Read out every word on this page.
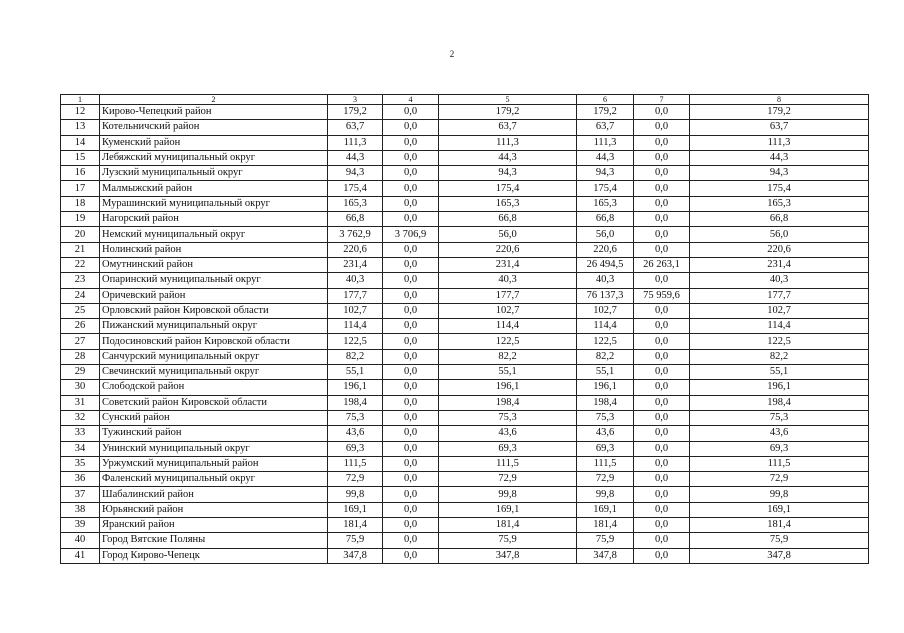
2
1	2	3	4	5	6	7	8
12	Кирово-Чепецкий район	179,2	0,0	179,2	179,2	0,0	179,2
13	Котельничский район	63,7	0,0	63,7	63,7	0,0	63,7
14	Куменский район	111,3	0,0	111,3	111,3	0,0	111,3
15	Лебяжский муниципальный округ	44,3	0,0	44,3	44,3	0,0	44,3
16	Лузский муниципальный округ	94,3	0,0	94,3	94,3	0,0	94,3
17	Малмыжский район	175,4	0,0	175,4	175,4	0,0	175,4
18	Мурашинский муниципальный округ	165,3	0,0	165,3	165,3	0,0	165,3
19	Нагорский район	66,8	0,0	66,8	66,8	0,0	66,8
20	Немский муниципальный округ	3 762,9	3 706,9	56,0	56,0	0,0	56,0
21	Нолинский район	220,6	0,0	220,6	220,6	0,0	220,6
22	Омутнинский район	231,4	0,0	231,4	26 494,5	26 263,1	231,4
23	Опаринский муниципальный округ	40,3	0,0	40,3	40,3	0,0	40,3
24	Оричевский район	177,7	0,0	177,7	76 137,3	75 959,6	177,7
25	Орловский район Кировской области	102,7	0,0	102,7	102,7	0,0	102,7
26	Пижанский муниципальный округ	114,4	0,0	114,4	114,4	0,0	114,4
27	Подосиновский район Кировской области	122,5	0,0	122,5	122,5	0,0	122,5
28	Санчурский муниципальный округ	82,2	0,0	82,2	82,2	0,0	82,2
29	Свечинский муниципальный округ	55,1	0,0	55,1	55,1	0,0	55,1
30	Слободской район	196,1	0,0	196,1	196,1	0,0	196,1
31	Советский район Кировской области	198,4	0,0	198,4	198,4	0,0	198,4
32	Сунский район	75,3	0,0	75,3	75,3	0,0	75,3
33	Тужинский район	43,6	0,0	43,6	43,6	0,0	43,6
34	Унинский муниципальный округ	69,3	0,0	69,3	69,3	0,0	69,3
35	Уржумский муниципальный район	111,5	0,0	111,5	111,5	0,0	111,5
36	Фаленский муниципальный округ	72,9	0,0	72,9	72,9	0,0	72,9
37	Шабалинский район	99,8	0,0	99,8	99,8	0,0	99,8
38	Юрьянский район	169,1	0,0	169,1	169,1	0,0	169,1
39	Яранский район	181,4	0,0	181,4	181,4	0,0	181,4
40	Город Вятские Поляны	75,9	0,0	75,9	75,9	0,0	75,9
41	Город Кирово-Чепецк	347,8	0,0	347,8	347,8	0,0	347,8
